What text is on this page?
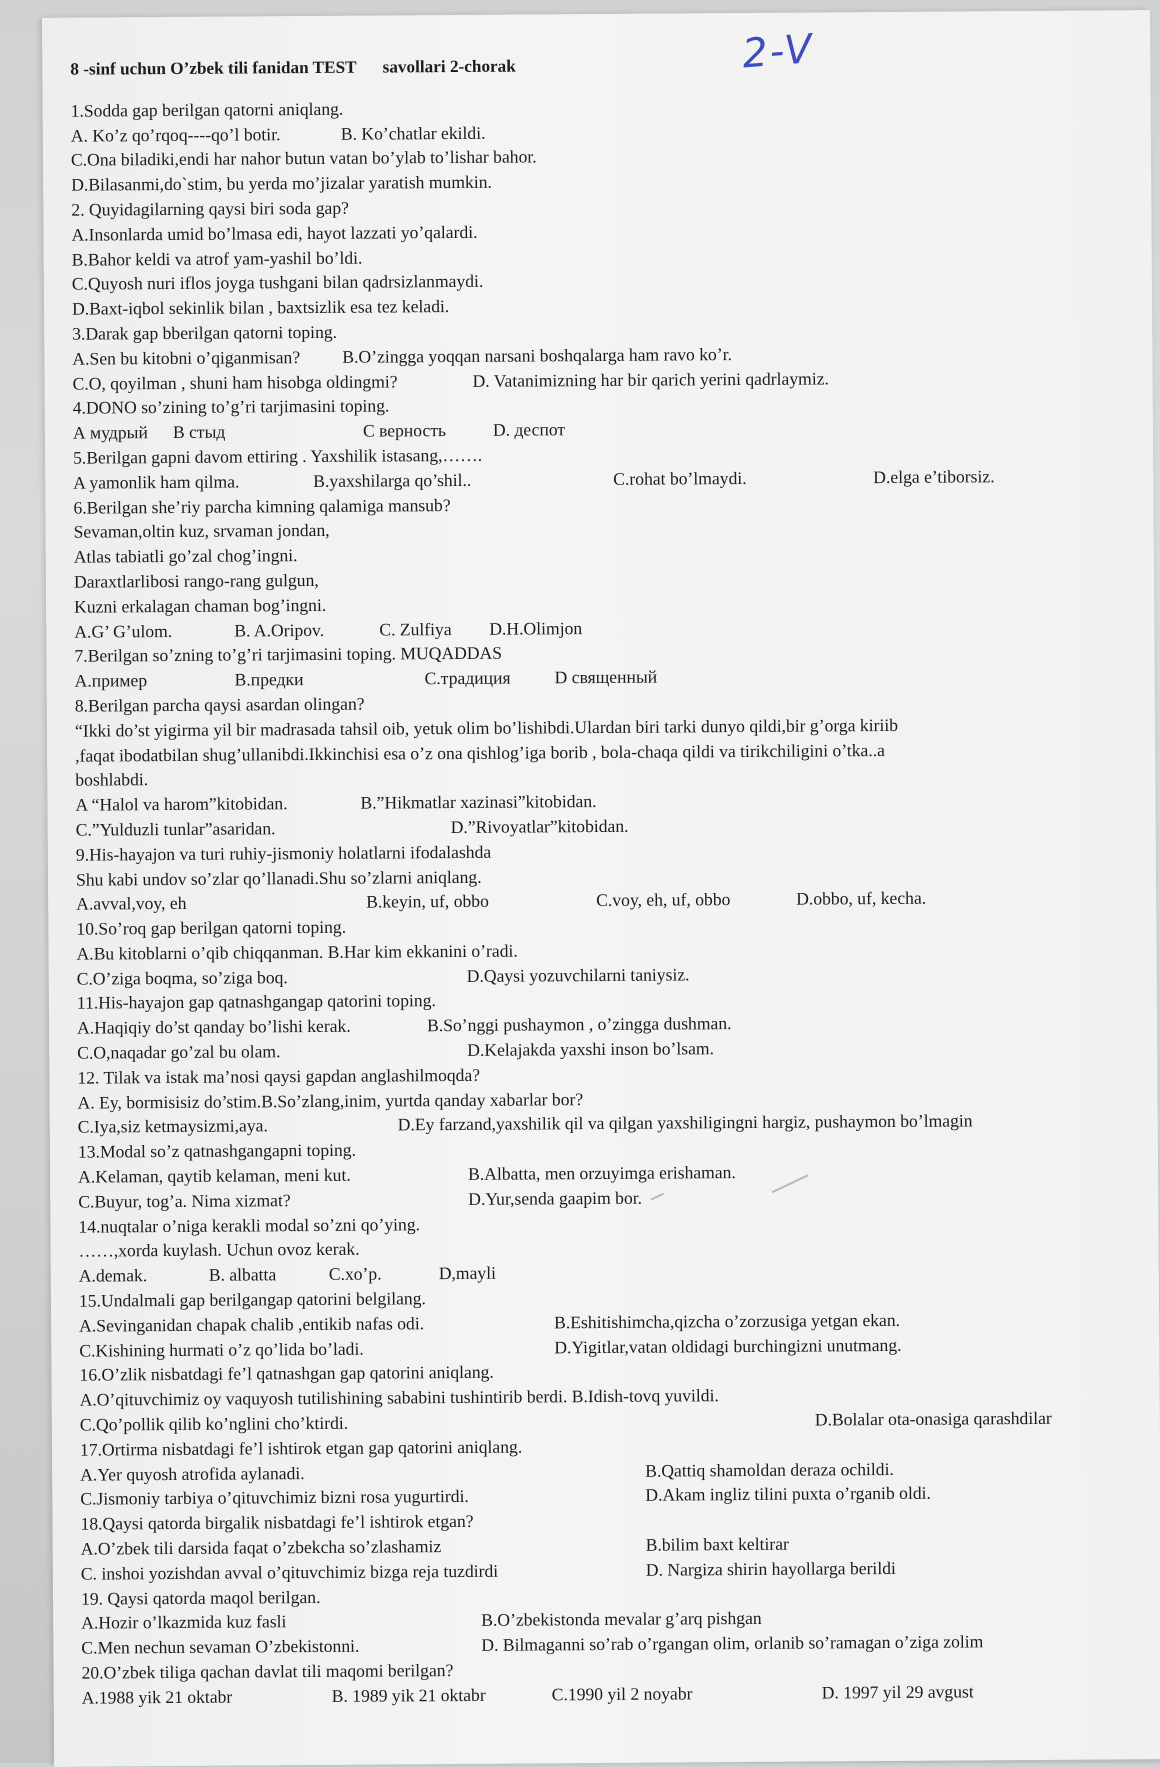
2-V
8 -sinf uchun O’zbek tili fanidan TEST savollari 2-chorak
1.Sodda gap berilgan qatorni aniqlang.
A. Ko’z qo’rqoq----qo’l botir.	B. Ko’chatlar ekildi.
C.Ona biladiki,endi har nahor butun vatan bo’ylab to’lishar bahor.
D.Bilasanmi,do`stim, bu yerda mo’jizalar yaratish mumkin.
2. Quyidagilarning qaysi biri soda gap?
A.Insonlarda umid bo’lmasa edi, hayot lazzati yo’qalardi.
B.Bahor keldi va atrof yam-yashil bo’ldi.
C.Quyosh nuri iflos joyga tushgani bilan qadrsizlanmaydi.
D.Baxt-iqbol sekinlik bilan , baxtsizlik esa tez keladi.
3.Darak gap bberilgan qatorni toping.
A.Sen bu kitobni o’qiganmisan? B.O’zingga yoqqan narsani boshqalarga ham ravo ko’r.
C.O, qoyilman , shuni ham hisobga oldingmi?	D. Vatanimizning har bir qarich yerini qadrlaymiz.
4.DONO so’zining to’g’ri tarjimasini toping.
А мудрый В стыд	С верность	D. деспот
5.Berilgan gapni davom ettiring . Yaxshilik istasang,…….
A yamonlik ham qilma.	B.yaxshilarga qo’shil..	C.rohat bo’lmaydi.	D.elga e’tiborsiz.
6.Berilgan she’riy parcha kimning qalamiga mansub?
Sevaman,oltin kuz, srvaman jondan,
Atlas tabiatli go’zal chog’ingni.
Daraxtlarlibosi rango-rang gulgun,
Kuzni erkalagan chaman bog’ingni.
A.G’ G’ulom.	B. A.Oripov.	C. Zulfiya D.H.Olimjon
7.Berilgan so’zning to’g’ri tarjimasini toping. MUQADDAS
A.пример	B.предки	C.традиция D священный
8.Berilgan parcha qaysi asardan olingan?
“Ikki do’st yigirma yil bir madrasada tahsil oib, yetuk olim bo’lishibdi.Ulardan biri tarki dunyo qildi,bir g’orga kiriib
,faqat ibodatbilan shug’ullanibdi.Ikkinchisi esa o’z ona qishlog’iga borib , bola-chaqa qildi va tirikchiligini o’tka..a
boshlabdi.
A “Halol va harom”kitobidan.	B.”Hikmatlar xazinasi”kitobidan.
C.”Yulduzli tunlar”asaridan.	D.”Rivoyatlar”kitobidan.
9.His-hayajon va turi ruhiy-jismoniy holatlarni ifodalashda
Shu kabi undov so’zlar qo’llanadi.Shu so’zlarni aniqlang.
A.avval,voy, eh	B.keyin, uf, obbo	C.voy, eh, uf, obbo	D.obbo, uf, kecha.
10.So’roq gap berilgan qatorni toping.
A.Bu kitoblarni o’qib chiqqanman. B.Har kim ekkanini o’radi.
C.O’ziga boqma, so’ziga boq.	D.Qaysi yozuvchilarni taniysiz.
11.His-hayajon gap qatnashgangap qatorini toping.
A.Haqiqiy do’st qanday bo’lishi kerak.	B.So’nggi pushaymon , o’zingga dushman.
C.O,naqadar go’zal bu olam.	D.Kelajakda yaxshi inson bo’lsam.
12. Tilak va istak ma’nosi qaysi gapdan anglashilmoqda?
A. Ey, bormisisiz do’stim.B.So’zlang,inim, yurtda qanday xabarlar bor?
C.Iya,siz ketmaysizmi,aya.	D.Ey farzand,yaxshilik qil va qilgan yaxshiligingni hargiz, pushaymon bo’lmagin
13.Modal so’z qatnashgangapni toping.
A.Kelaman, qaytib kelaman, meni kut.	B.Albatta, men orzuyimga erishaman.
C.Buyur, tog’a. Nima xizmat?	D.Yur,senda gaapim bor.
14.nuqtalar o’niga kerakli modal so’zni qo’ying.
……,xorda kuylash. Uchun ovoz kerak.
A.demak.	B. albatta	C.xo’p.	D,mayli
15.Undalmali gap berilgangap qatorini belgilang.
A.Sevinganidan chapak chalib ,entikib nafas odi.	B.Eshitishimcha,qizcha o’zorzusiga yetgan ekan.
C.Kishining hurmati o’z qo’lida bo’ladi.	D.Yigitlar,vatan oldidagi burchingizni unutmang.
16.O’zlik nisbatdagi fe’l qatnashgan gap qatorini aniqlang.
A.O’qituvchimiz oy vaquyosh tutilishining sababini tushintirib berdi. B.Idish-tovq yuvildi.
C.Qo’pollik qilib ko’nglini cho’ktirdi.	D.Bolalar ota-onasiga qarashdilar
17.Ortirma nisbatdagi fe’l ishtirok etgan gap qatorini aniqlang.
A.Yer quyosh atrofida aylanadi.	B.Qattiq shamoldan deraza ochildi.
C.Jismoniy tarbiya o’qituvchimiz bizni rosa yugurtirdi.	D.Akam ingliz tilini puxta o’rganib oldi.
18.Qaysi qatorda birgalik nisbatdagi fe’l ishtirok etgan?
A.O’zbek tili darsida faqat o’zbekcha so’zlashamiz	B.bilim baxt keltirar
C. inshoi yozishdan avval o’qituvchimiz bizga reja tuzdirdi	D. Nargiza shirin hayollarga berildi
19. Qaysi qatorda maqol berilgan.
A.Hozir o’lkazmida kuz fasli	B.O’zbekistonda mevalar g’arq pishgan
C.Men nechun sevaman O’zbekistonni.	D. Bilmaganni so’rab o’rgangan olim, orlanib so’ramagan o’ziga zolim
20.O’zbek tiliga qachan davlat tili maqomi berilgan?
A.1988 yik 21 oktabr	B. 1989 yik 21 oktabr	C.1990 yil 2 noyabr	D. 1997 yil 29 avgust
